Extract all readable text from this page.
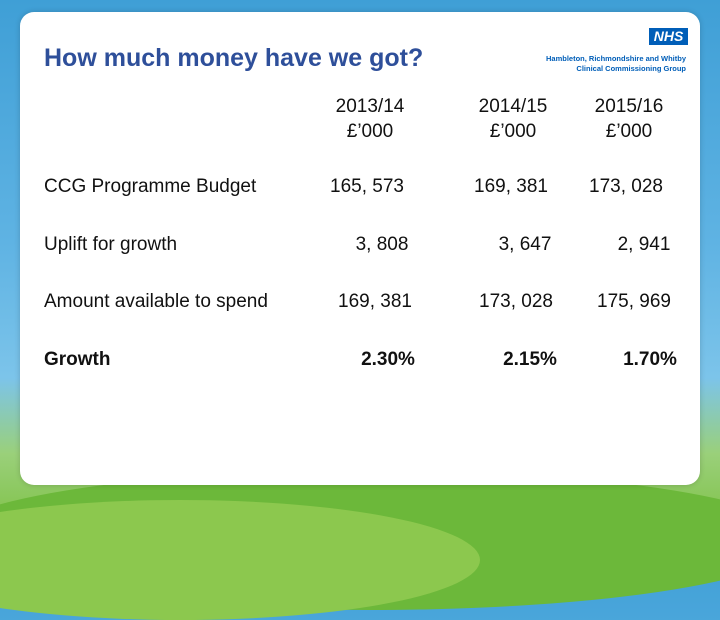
How much money have we got?
NHS
Hambleton, Richmondshire and Whitby
Clinical Commissioning Group
2013/14
£’000
2014/15
£’000
2015/16
£’000
CCG Programme Budget	165, 573	169, 381	173, 028
Uplift for growth	3, 808	3, 647	2, 941
Amount available to spend	169, 381	173, 028	175, 969
Growth	2.30%	2.15%	1.70%
